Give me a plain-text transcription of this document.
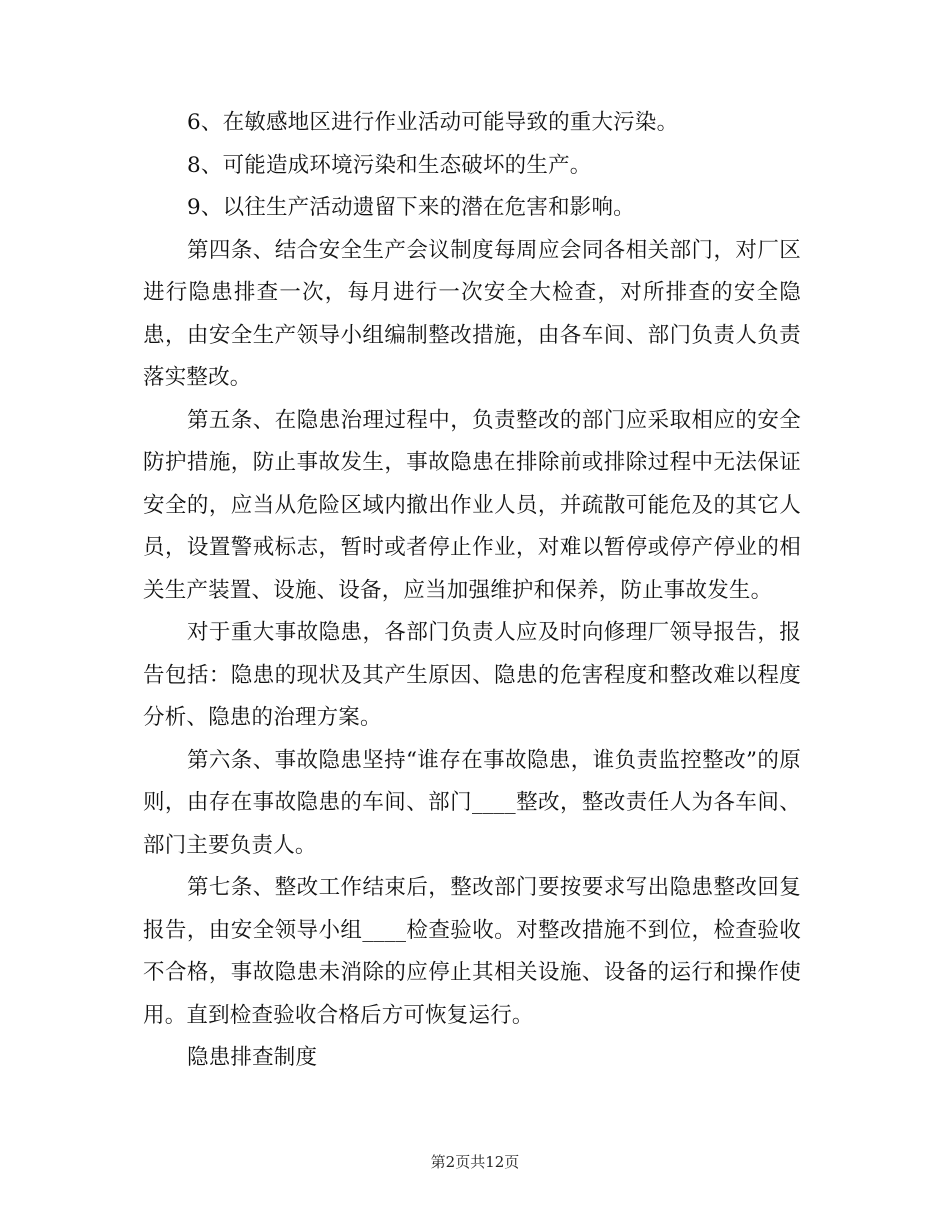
6、在敏感地区进行作业活动可能导致的重大污染。

8、可能造成环境污染和生态破坏的生产。

9、以往生产活动遗留下来的潜在危害和影响。

第四条、结合安全生产会议制度每周应会同各相关部门，对厂区进行隐患排查一次，每月进行一次安全大检查，对所排查的安全隐患，由安全生产领导小组编制整改措施，由各车间、部门负责人负责落实整改。

第五条、在隐患治理过程中，负责整改的部门应采取相应的安全防护措施，防止事故发生，事故隐患在排除前或排除过程中无法保证安全的，应当从危险区域内撤出作业人员，并疏散可能危及的其它人员，设置警戒标志，暂时或者停止作业，对难以暂停或停产停业的相关生产装置、设施、设备，应当加强维护和保养，防止事故发生。

对于重大事故隐患，各部门负责人应及时向修理厂领导报告，报告包括：隐患的现状及其产生原因、隐患的危害程度和整改难以程度分析、隐患的治理方案。

第六条、事故隐患坚持“谁存在事故隐患，谁负责监控整改”的原则，由存在事故隐患的车间、部门____整改，整改责任人为各车间、部门主要负责人。

第七条、整改工作结束后，整改部门要按要求写出隐患整改回复报告，由安全领导小组____检查验收。对整改措施不到位，检查验收不合格，事故隐患未消除的应停止其相关设施、设备的运行和操作使用。直到检查验收合格后方可恢复运行。

隐患排查制度

第2页共12页
